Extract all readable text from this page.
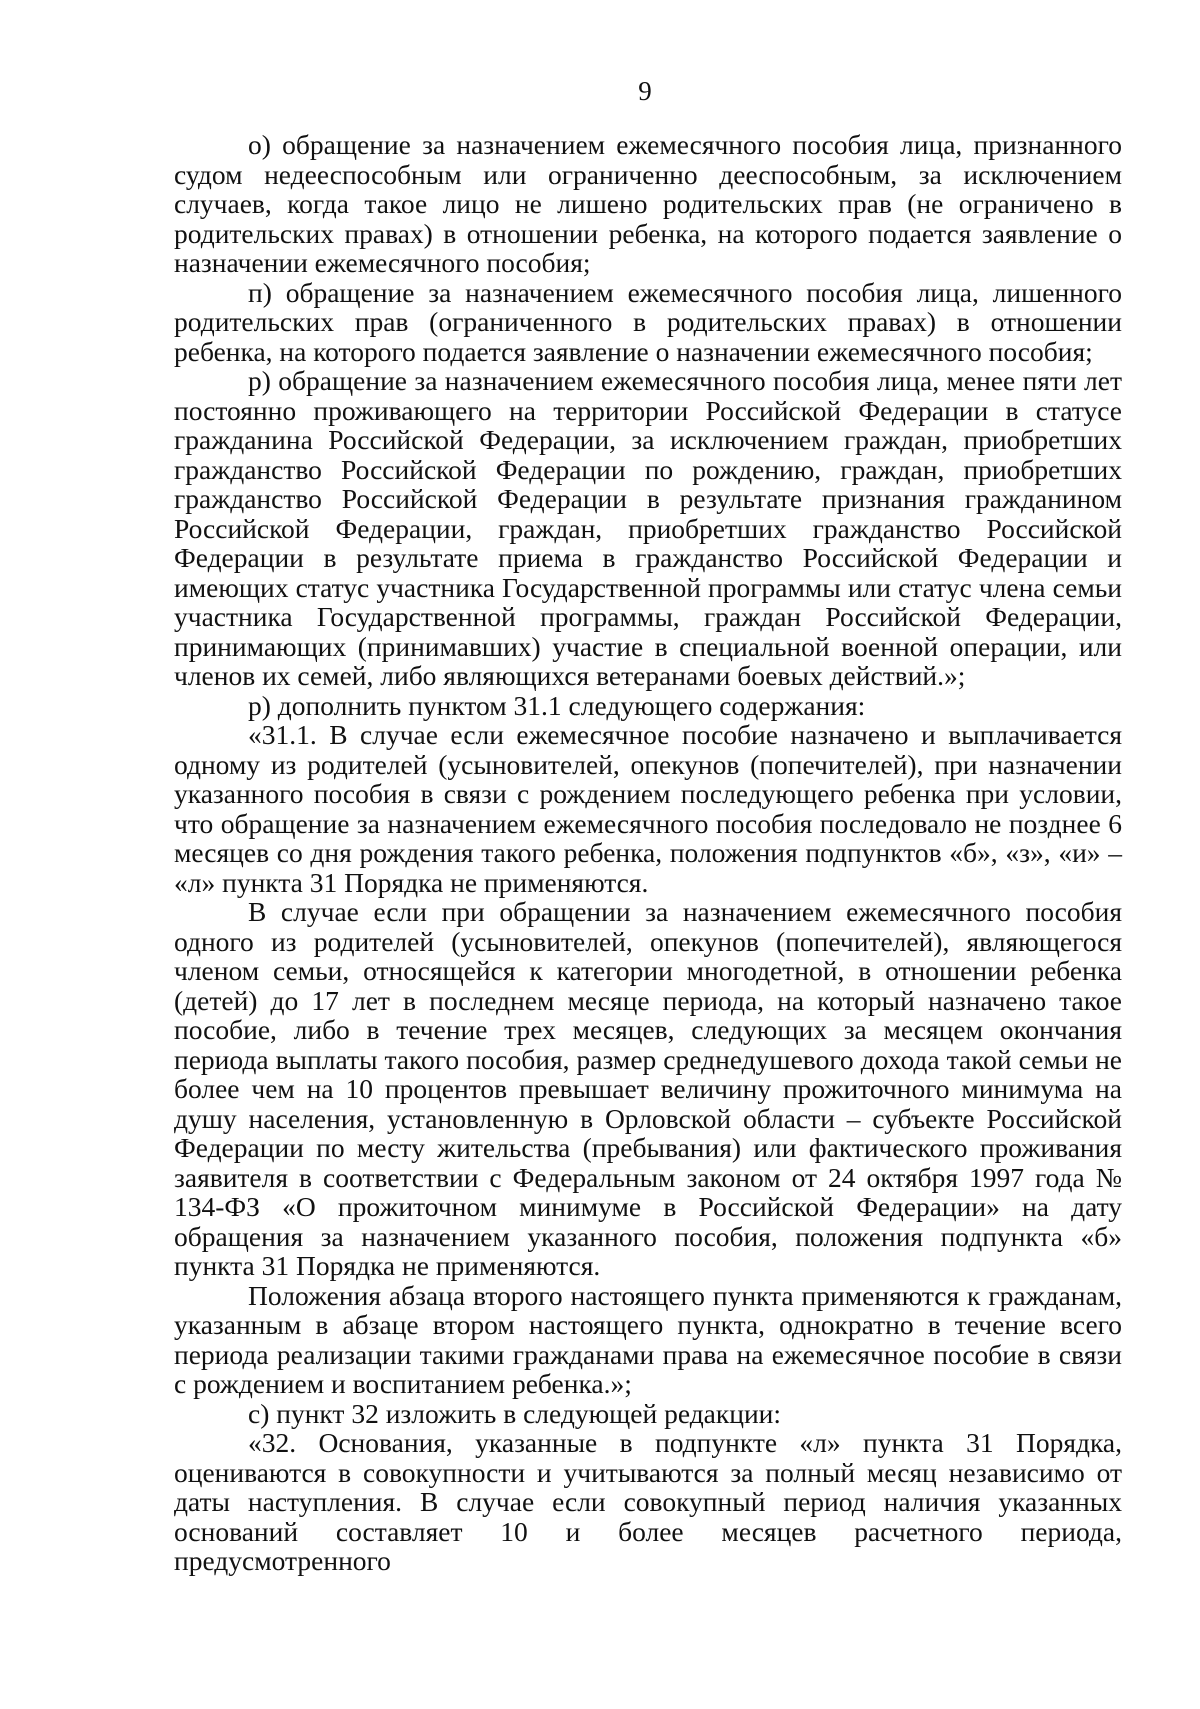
9

о) обращение за назначением ежемесячного пособия лица, признанного судом недееспособным или ограниченно дееспособным, за исключением случаев, когда такое лицо не лишено родительских прав (не ограничено в родительских правах) в отношении ребенка, на которого подается заявление о назначении ежемесячного пособия;

п) обращение за назначением ежемесячного пособия лица, лишенного родительских прав (ограниченного в родительских правах) в отношении ребенка, на которого подается заявление о назначении ежемесячного пособия;

р) обращение за назначением ежемесячного пособия лица, менее пяти лет постоянно проживающего на территории Российской Федерации в статусе гражданина Российской Федерации, за исключением граждан, приобретших гражданство Российской Федерации по рождению, граждан, приобретших гражданство Российской Федерации в результате признания гражданином Российской Федерации, граждан, приобретших гражданство Российской Федерации в результате приема в гражданство Российской Федерации и имеющих статус участника Государственной программы или статус члена семьи участника Государственной программы, граждан Российской Федерации, принимающих (принимавших) участие в специальной военной операции, или членов их семей, либо являющихся ветеранами боевых действий.»;

р) дополнить пунктом 31.1 следующего содержания:

«31.1. В случае если ежемесячное пособие назначено и выплачивается одному из родителей (усыновителей, опекунов (попечителей), при назначении указанного пособия в связи с рождением последующего ребенка при условии, что обращение за назначением ежемесячного пособия последовало не позднее 6 месяцев со дня рождения такого ребенка, положения подпунктов «б», «з», «и» – «л» пункта 31 Порядка не применяются.

В случае если при обращении за назначением ежемесячного пособия одного из родителей (усыновителей, опекунов (попечителей), являющегося членом семьи, относящейся к категории многодетной, в отношении ребенка (детей) до 17 лет в последнем месяце периода, на который назначено такое пособие, либо в течение трех месяцев, следующих за месяцем окончания периода выплаты такого пособия, размер среднедушевого дохода такой семьи не более чем на 10 процентов превышает величину прожиточного минимума на душу населения, установленную в Орловской области – субъекте Российской Федерации по месту жительства (пребывания) или фактического проживания заявителя в соответствии с Федеральным законом от 24 октября 1997 года № 134-ФЗ «О прожиточном минимуме в Российской Федерации» на дату обращения за назначением указанного пособия, положения подпункта «б» пункта 31 Порядка не применяются.

Положения абзаца второго настоящего пункта применяются к гражданам, указанным в абзаце втором настоящего пункта, однократно в течение всего периода реализации такими гражданами права на ежемесячное пособие в связи с рождением и воспитанием ребенка.»;

с) пункт 32 изложить в следующей редакции:

«32. Основания, указанные в подпункте «л» пункта 31 Порядка, оцениваются в совокупности и учитываются за полный месяц независимо от даты наступления. В случае если совокупный период наличия указанных оснований составляет 10 и более месяцев расчетного периода, предусмотренного
